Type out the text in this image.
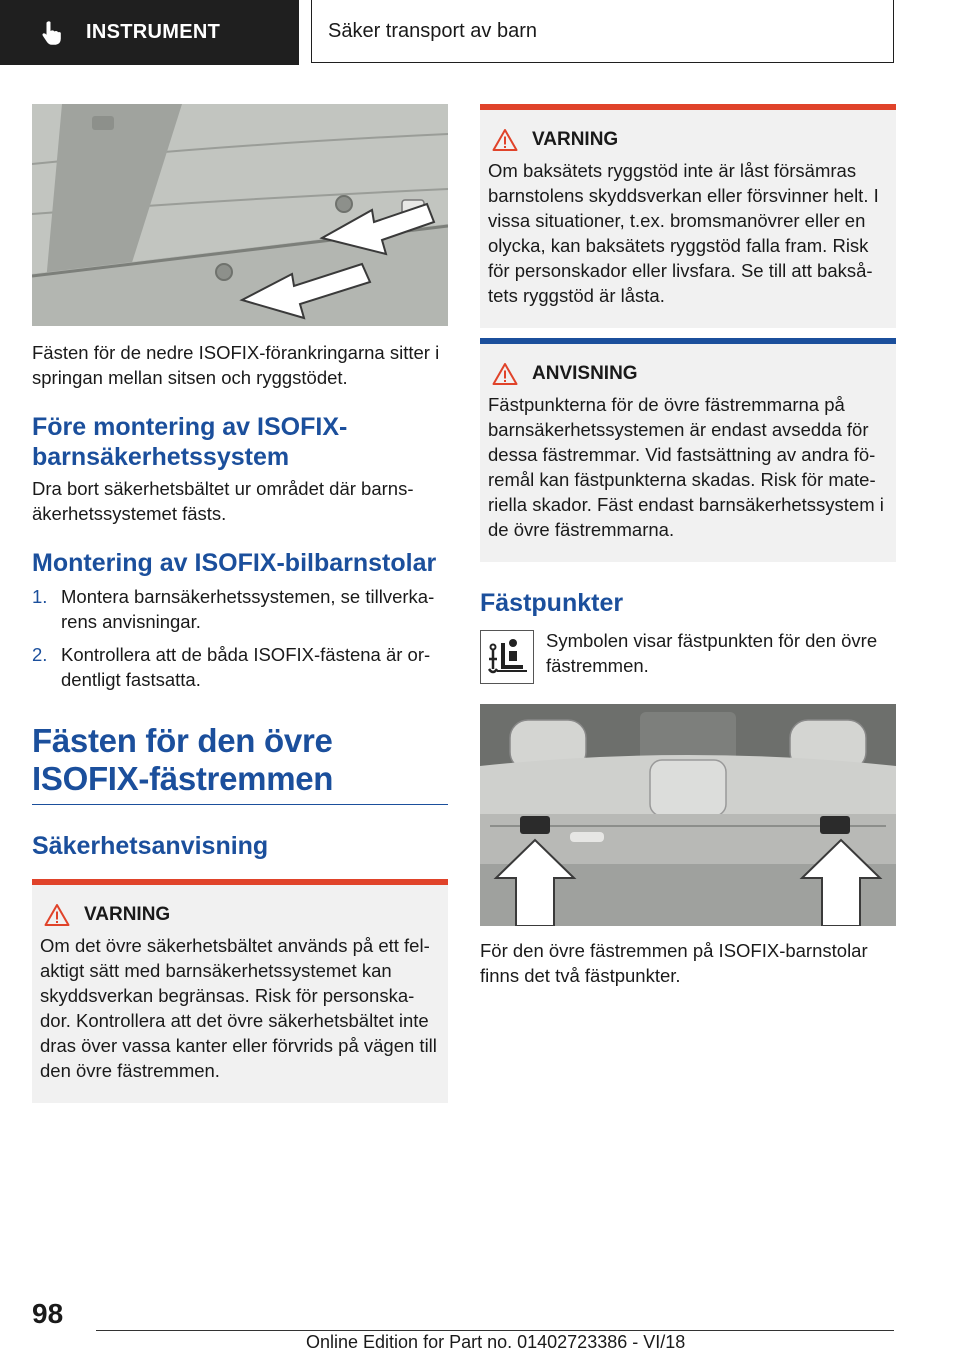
INSTRUMENT	Säker transport av barn
Fästen för de nedre ISOFIX-förankringarna sitter i springan mellan sitsen och ryggstödet.
Före montering av ISOFIX-barnsäkerhetssystem
Dra bort säkerhetsbältet ur området där barns-äkerhetssystemet fästs.
Montering av ISOFIX-bilbarnstolar
1. Montera barnsäkerhetssystemen, se tillverka-rens anvisningar.
2. Kontrollera att de båda ISOFIX-fästena är or-dentligt fastsatta.
Fästen för den övre ISOFIX-fästremmen
Säkerhetsanvisning
VARNING
Om det övre säkerhetsbältet används på ett fel-aktigt sätt med barnsäkerhetssystemet kan skyddsverkan begränsas. Risk för personska-dor. Kontrollera att det övre säkerhetsbältet inte dras över vassa kanter eller förvrids på vägen till den övre fästremmen.
VARNING
Om baksätets ryggstöd inte är låst försämras barnstolens skyddsverkan eller försvinner helt. I vissa situationer, t.ex. bromsmanövrer eller en olycka, kan baksätets ryggstöd falla fram. Risk för personskador eller livsfara. Se till att bakså-tets ryggstöd är låsta.
ANVISNING
Fästpunkterna för de övre fästremmarna på barnsäkerhetssystemen är endast avsedda för dessa fästremmar. Vid fastsättning av andra fö-remål kan fästpunkterna skadas. Risk för mate-riella skador. Fäst endast barnsäkerhetssystem i de övre fästremmarna.
Fästpunkter
Symbolen visar fästpunkten för den övre fästremmen.
För den övre fästremmen på ISOFIX-barnstolar finns det två fästpunkter.
98
Online Edition for Part no. 01402723386 - VI/18
